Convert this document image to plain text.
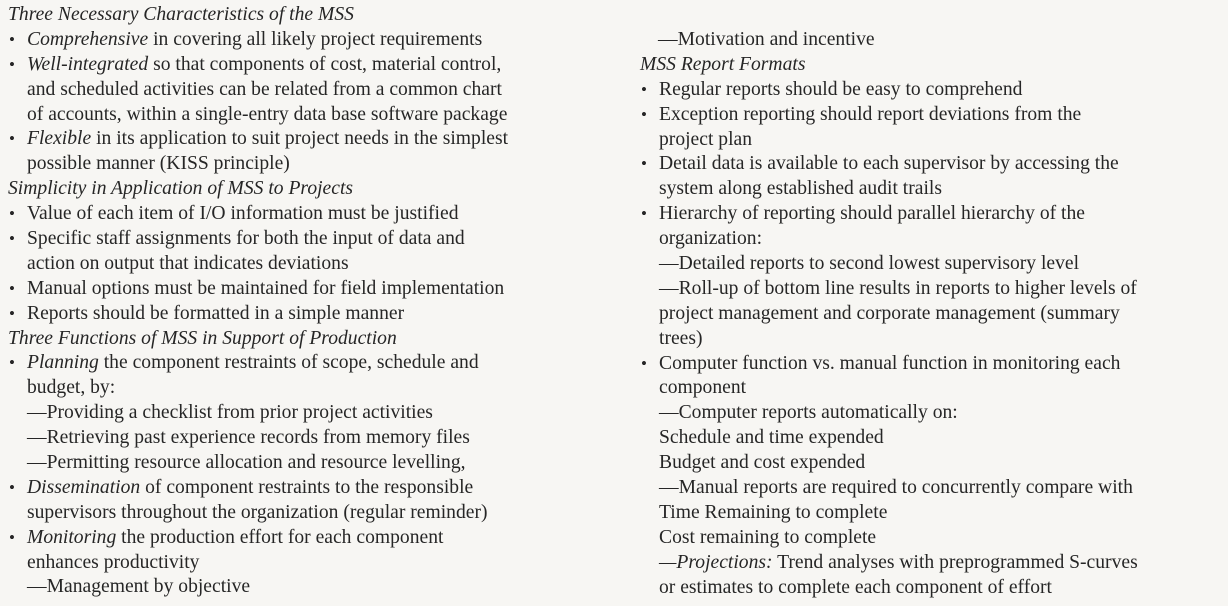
Three Necessary Characteristics of the MSS
• Comprehensive in covering all likely project requirements
• Well-integrated so that components of cost, material control,
and scheduled activities can be related from a common chart
of accounts, within a single-entry data base software package
• Flexible in its application to suit project needs in the simplest
possible manner (KISS principle)
Simplicity in Application of MSS to Projects
• Value of each item of I/O information must be justified
• Specific staff assignments for both the input of data and
action on output that indicates deviations
• Manual options must be maintained for field implementation
• Reports should be formatted in a simple manner
Three Functions of MSS in Support of Production
• Planning the component restraints of scope, schedule and
budget, by:
—Providing a checklist from prior project activities
—Retrieving past experience records from memory files
—Permitting resource allocation and resource levelling,
• Dissemination of component restraints to the responsible
supervisors throughout the organization (regular reminder)
• Monitoring the production effort for each component
enhances productivity
—Management by objective
—Motivation and incentive
MSS Report Formats
• Regular reports should be easy to comprehend
• Exception reporting should report deviations from the
project plan
• Detail data is available to each supervisor by accessing the
system along established audit trails
• Hierarchy of reporting should parallel hierarchy of the
organization:
—Detailed reports to second lowest supervisory level
—Roll-up of bottom line results in reports to higher levels of
project management and corporate management (summary
trees)
• Computer function vs. manual function in monitoring each
component
—Computer reports automatically on:
Schedule and time expended
Budget and cost expended
—Manual reports are required to concurrently compare with
Time Remaining to complete
Cost remaining to complete
—Projections: Trend analyses with preprogrammed S-curves
or estimates to complete each component of effort
